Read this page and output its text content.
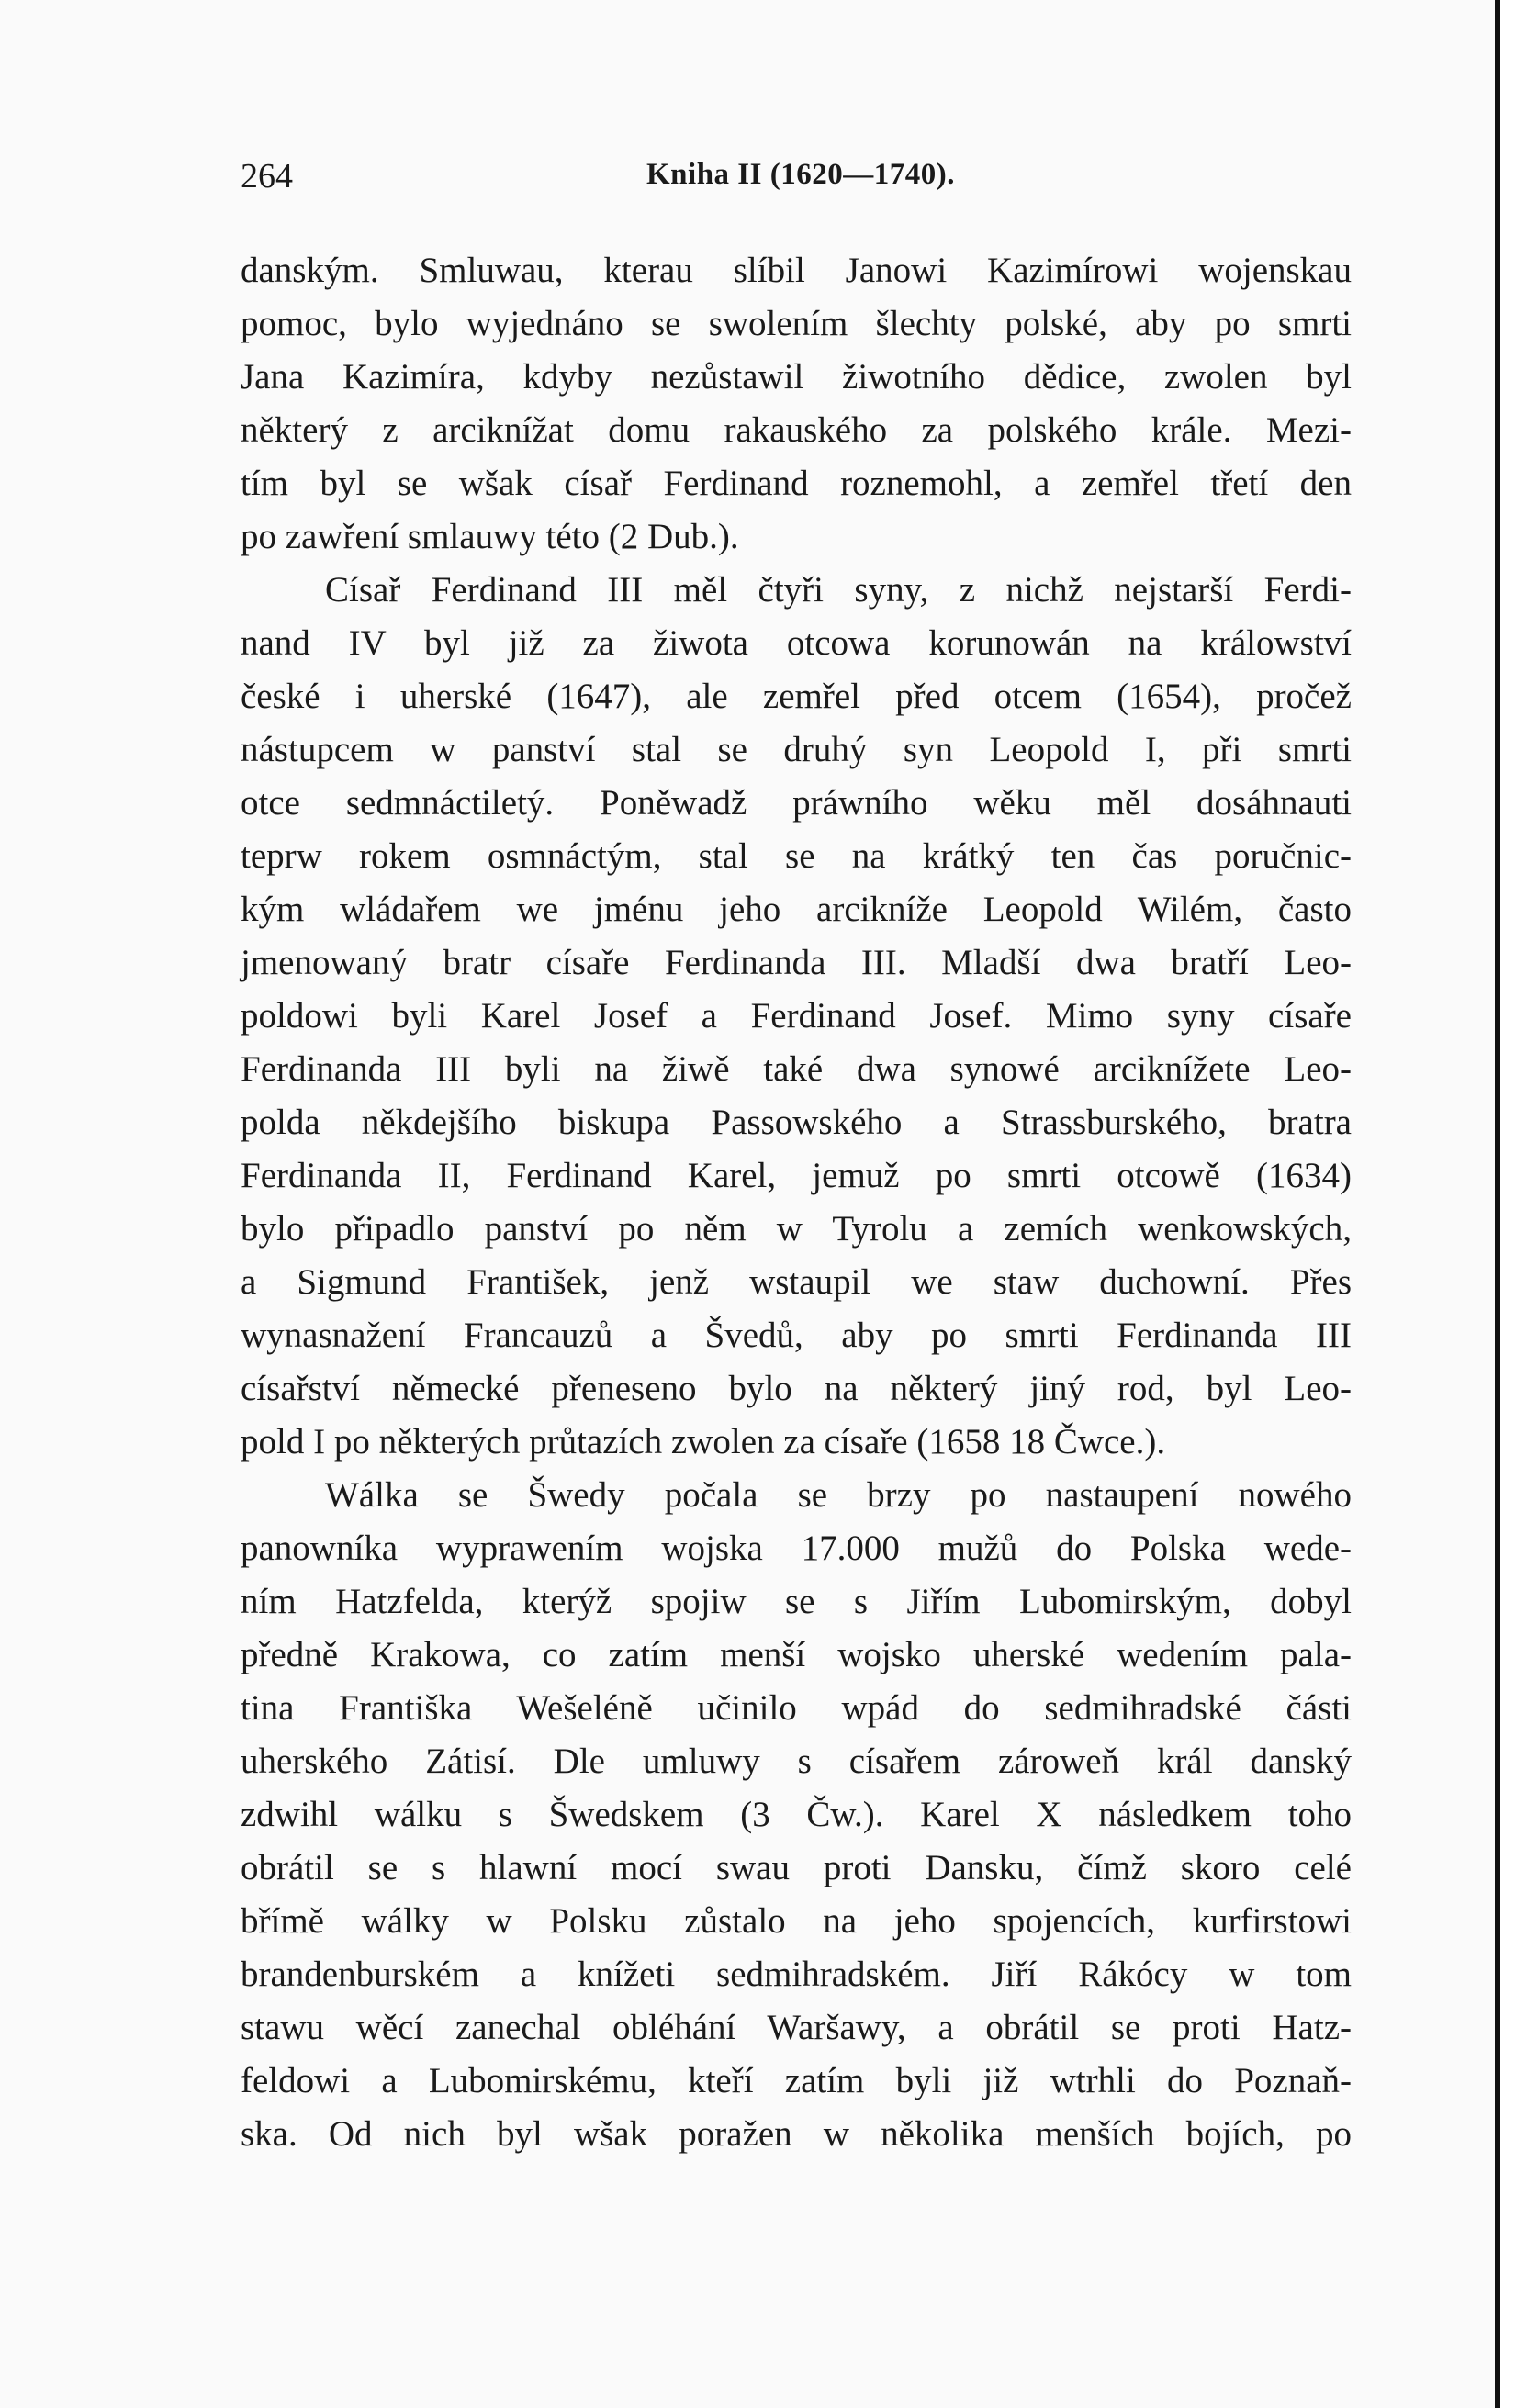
264	Kniha II (1620—1740).
danským. Smluwau, kterau slíbil Janowi Kazimírowi wojenskau
pomoc, bylo wyjednáno se swolením šlechty polské, aby po smrti
Jana Kazimíra, kdyby nezůstawil žiwotního dědice, zwolen byl
některý z arciknížat domu rakauského za polského krále. Mezi-
tím byl se wšak císař Ferdinand roznemohl, a zemřel třetí den
po zawření smlauwy této (2 Dub.).
Císař Ferdinand III měl čtyři syny, z nichž nejstarší Ferdi-
nand IV byl již za žiwota otcowa korunowán na králowství
české i uherské (1647), ale zemřel před otcem (1654), pročež
nástupcem w panství stal se druhý syn Leopold I, při smrti
otce sedmnáctiletý. Poněwadž práwního wěku měl dosáhnauti
teprw rokem osmnáctým, stal se na krátký ten čas poručnic-
kým wládařem we jménu jeho arcikníže Leopold Wilém, často
jmenowaný bratr císaře Ferdinanda III. Mladší dwa bratří Leo-
poldowi byli Karel Josef a Ferdinand Josef. Mimo syny císaře
Ferdinanda III byli na žiwě také dwa synowé arciknížete Leo-
polda někdejšího biskupa Passowského a Strassburského, bratra
Ferdinanda II, Ferdinand Karel, jemuž po smrti otcowě (1634)
bylo připadlo panství po něm w Tyrolu a zemích wenkowských,
a Sigmund František, jenž wstaupil we staw duchowní. Přes
wynasnažení Francauzů a Švedů, aby po smrti Ferdinanda III
císařství německé přeneseno bylo na některý jiný rod, byl Leo-
pold I po některých průtazích zwolen za císaře (1658 18 Čwce.).
Wálka se Šwedy počala se brzy po nastaupení nowého
panowníka wyprawením wojska 17.000 mužů do Polska wede-
ním Hatzfelda, kterýž spojiw se s Jiřím Lubomirským, dobyl
předně Krakowa, co zatím menší wojsko uherské wedením pala-
tina Františka Wešeléně učinilo wpád do sedmihradské části
uherského Zátisí. Dle umluwy s císařem zároweň král danský
zdwihl wálku s Šwedskem (3 Čw.). Karel X následkem toho
obrátil se s hlawní mocí swau proti Dansku, čímž skoro celé
břímě wálky w Polsku zůstalo na jeho spojencích, kurfirstowi
brandenburském a knížeti sedmihradském. Jiří Rákócy w tom
stawu wěcí zanechal obléhání Waršawy, a obrátil se proti Hatz-
feldowi a Lubomirskému, kteří zatím byli již wtrhli do Poznaň-
ska. Od nich byl wšak poražen w několika menších bojích, po
